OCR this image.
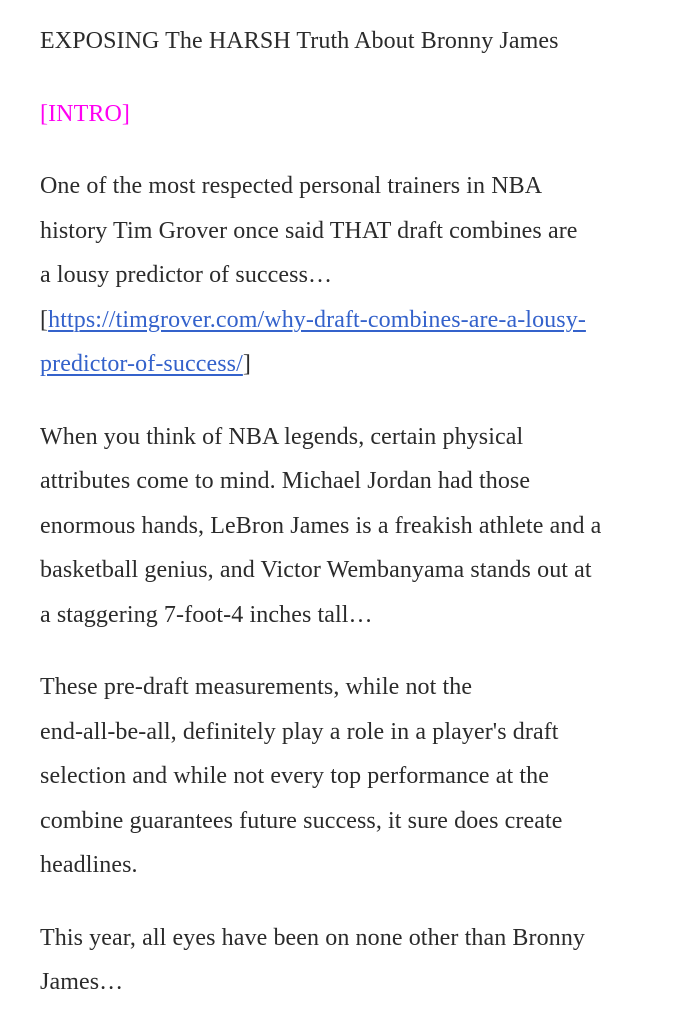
EXPOSING The HARSH Truth About Bronny James

[INTRO]

One of the most respected personal trainers in NBA
history Tim Grover once said THAT draft combines are
a lousy predictor of success…
[https://timgrover.com/why-draft-combines-are-a-lousy-
predictor-of-success/]

When you think of NBA legends, certain physical
attributes come to mind. Michael Jordan had those
enormous hands, LeBron James is a freakish athlete and a
basketball genius, and Victor Wembanyama stands out at
a staggering 7-foot-4 inches tall…

These pre-draft measurements, while not the
end-all-be-all, definitely play a role in a player's draft
selection and while not every top performance at the
combine guarantees future success, it sure does create
headlines.

This year, all eyes have been on none other than Bronny
James…
